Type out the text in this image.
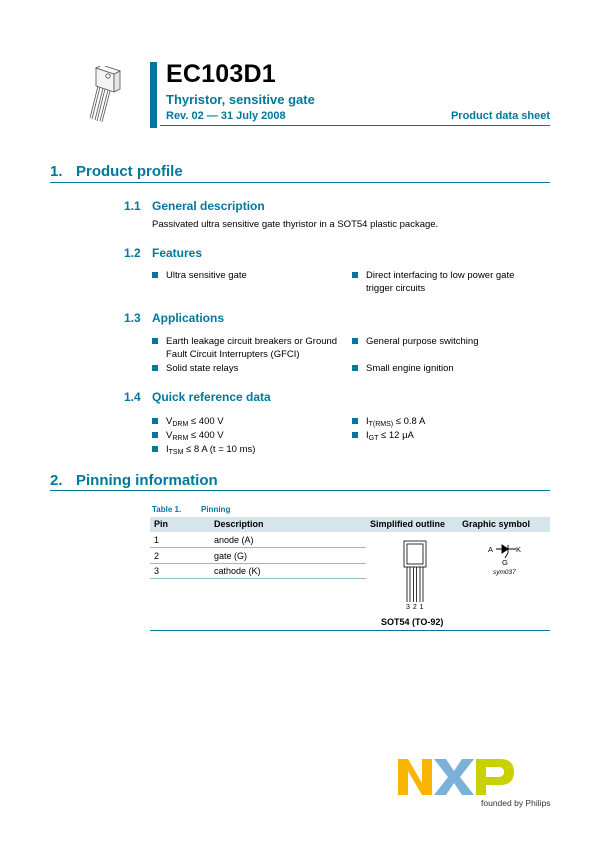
EC103D1
Thyristor, sensitive gate
Rev. 02 — 31 July 2008	Product data sheet
1. Product profile
1.1 General description
Passivated ultra sensitive gate thyristor in a SOT54 plastic package.
1.2 Features
Ultra sensitive gate	Direct interfacing to low power gate trigger circuits
1.3 Applications
Earth leakage circuit breakers or Ground Fault Circuit Interrupters (GFCI)
Solid state relays
General purpose switching
Small engine ignition
1.4 Quick reference data
$V_{DRM} \le 400$ V
$V_{RRM} \le 400$ V
$I_{TSM} \le 8$ A (t = 10 ms)
$I_{T(RMS)} \le 0.8$ A
$I_{GT} \le 12$ μA
2. Pinning information
Table 1. Pinning
Pin	Description	Simplified outline Graphic symbol
1	anode (A)
2	gate (G)
3	cathode (K)
3 2 1
SOT54 (TO-92)
A	K
G
sym037
founded by Philips
